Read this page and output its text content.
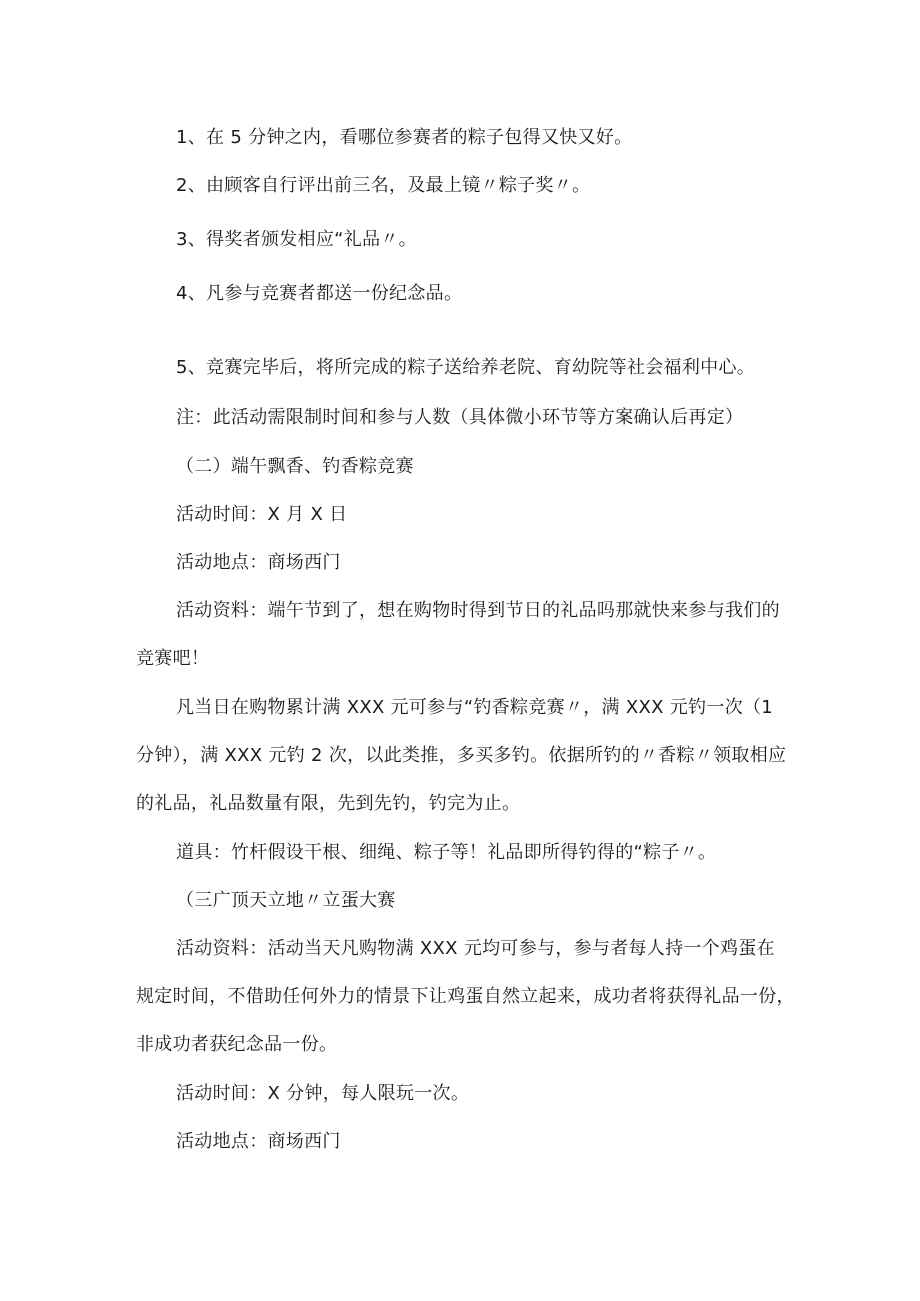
1、在 5 分钟之内，看哪位参赛者的粽子包得又快又好。
2、由顾客自行评出前三名，及最上镜〃粽子奖〃。
3、得奖者颁发相应“礼品〃。
4、凡参与竞赛者都送一份纪念品。
5、竞赛完毕后，将所完成的粽子送给养老院、育幼院等社会福利中心。
注：此活动需限制时间和参与人数（具体微小环节等方案确认后再定）
（二）端午飘香、钓香粽竞赛
活动时间：X 月 X 日
活动地点：商场西门
活动资料：端午节到了，想在购物时得到节日的礼品吗那就快来参与我们的
竞赛吧！
凡当日在购物累计满 XXX 元可参与“钓香粽竞赛〃，满 XXX 元钓一次（1
分钟），满 XXX 元钓 2 次，以此类推，多买多钓。依据所钓的〃香粽〃领取相应
的礼品，礼品数量有限，先到先钓，钓完为止。
道具：竹杆假设干根、细绳、粽子等！礼品即所得钓得的“粽子〃。
（三广顶天立地〃立蛋大赛
活动资料：活动当天凡购物满 XXX 元均可参与，参与者每人持一个鸡蛋在
规定时间，不借助任何外力的情景下让鸡蛋自然立起来，成功者将获得礼品一份，
非成功者获纪念品一份。
活动时间：X 分钟，每人限玩一次。
活动地点：商场西门
